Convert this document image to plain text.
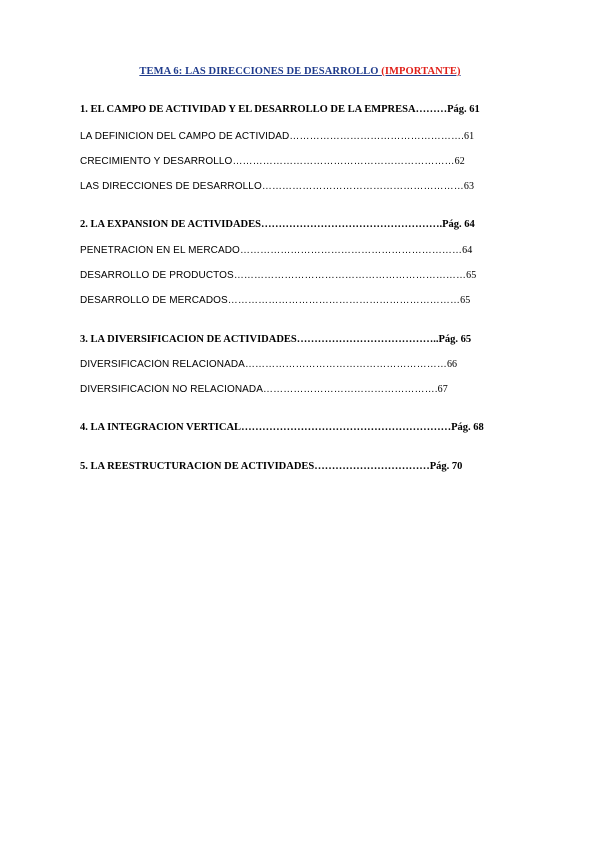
TEMA 6: LAS DIRECCIONES DE DESARROLLO (IMPORTANTE)
1. EL CAMPO DE ACTIVIDAD Y EL DESARROLLO DE LA EMPRESA………Pág. 61
LA DEFINICIÓN DEL CAMPO DE ACTIVIDAD…………………………………………….61
CRECIMIENTO Y DESARROLLO…………………………………………………………62
LAS DIRECCIONES DE DESARROLLO……………………………………………………63
2. LA EXPANSIÓN DE ACTIVIDADES…………………………………………….Pág. 64
PENETRACIÓN EN EL MERCADO…………………………………………………………64
DESARROLLO DE PRODUCTOS……………………………………………………………65
DESARROLLO DE MERCADOS……………………………………………………………65
3. LA DIVERSIFICACIÓN DE ACTIVIDADES…………………………………..Pág. 65
DIVERSIFICACIÓN RELACIONADA……………………………………………………66
DIVERSIFICACIÓN NO RELACIONADA…………………………………………….67
4. LA INTEGRACIÓN VERTICAL……………………………………………………Pág. 68
5. LA REESTRUCTURACIÓN DE ACTIVIDADES……………………………Pág. 70
